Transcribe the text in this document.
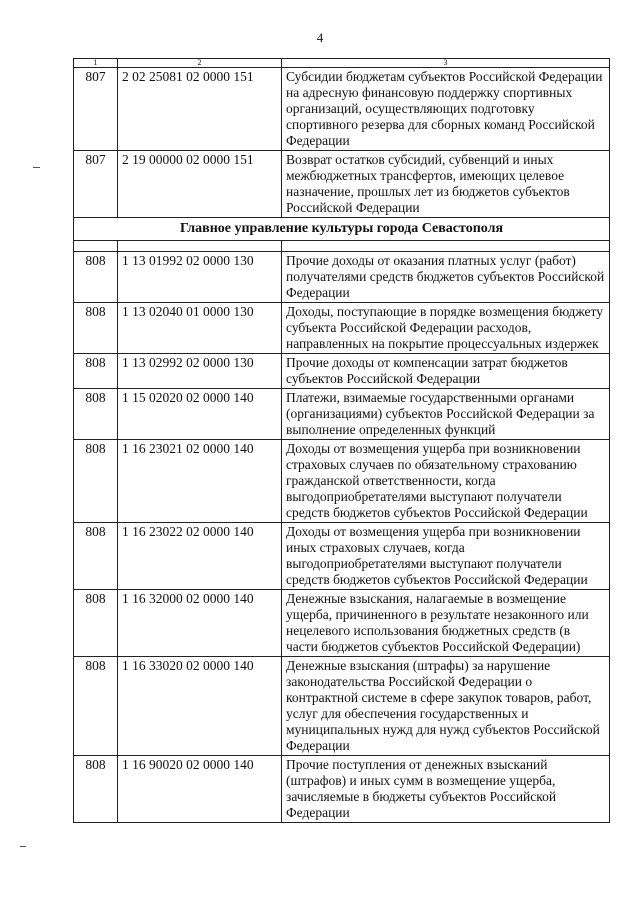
4
1	2	3
807	2 02 25081 02 0000 151	Субсидии бюджетам субъектов Российской Федерации на адресную финансовую поддержку спортивных организаций, осуществляющих подготовку спортивного резерва для сборных команд Российской Федерации
807	2 19 00000 02 0000 151	Возврат остатков субсидий, субвенций и иных межбюджетных трансфертов, имеющих целевое назначение, прошлых лет из бюджетов субъектов Российской Федерации
Главное управление культуры города Севастополя		

808	1 13 01992 02 0000 130	Прочие доходы от оказания платных услуг (работ) получателями средств бюджетов субъектов Российской Федерации
808	1 13 02040 01 0000 130	Доходы, поступающие в порядке возмещения бюджету субъекта Российской Федерации расходов, направленных на покрытие процессуальных издержек
808	1 13 02992 02 0000 130	Прочие доходы от компенсации затрат бюджетов субъектов Российской Федерации
808	1 15 02020 02 0000 140	Платежи, взимаемые государственными органами (организациями) субъектов Российской Федерации за выполнение определенных функций
808	1 16 23021 02 0000 140	Доходы от возмещения ущерба при возникновении страховых случаев по обязательному страхованию гражданской ответственности, когда выгодоприобретателями выступают получатели средств бюджетов субъектов Российской Федерации
808	1 16 23022 02 0000 140	Доходы от возмещения ущерба при возникновении иных страховых случаев, когда выгодоприобретателями выступают получатели средств бюджетов субъектов Российской Федерации
808	1 16 32000 02 0000 140	Денежные взыскания, налагаемые в возмещение ущерба, причиненного в результате незаконного или нецелевого использования бюджетных средств (в части бюджетов субъектов Российской Федерации)
808	1 16 33020 02 0000 140	Денежные взыскания (штрафы) за нарушение законодательства Российской Федерации о контрактной системе в сфере закупок товаров, работ, услуг для обеспечения государственных и муниципальных нужд для нужд субъектов Российской Федерации
808	1 16 90020 02 0000 140	Прочие поступления от денежных взысканий (штрафов) и иных сумм в возмещение ущерба, зачисляемые в бюджеты субъектов Российской Федерации
